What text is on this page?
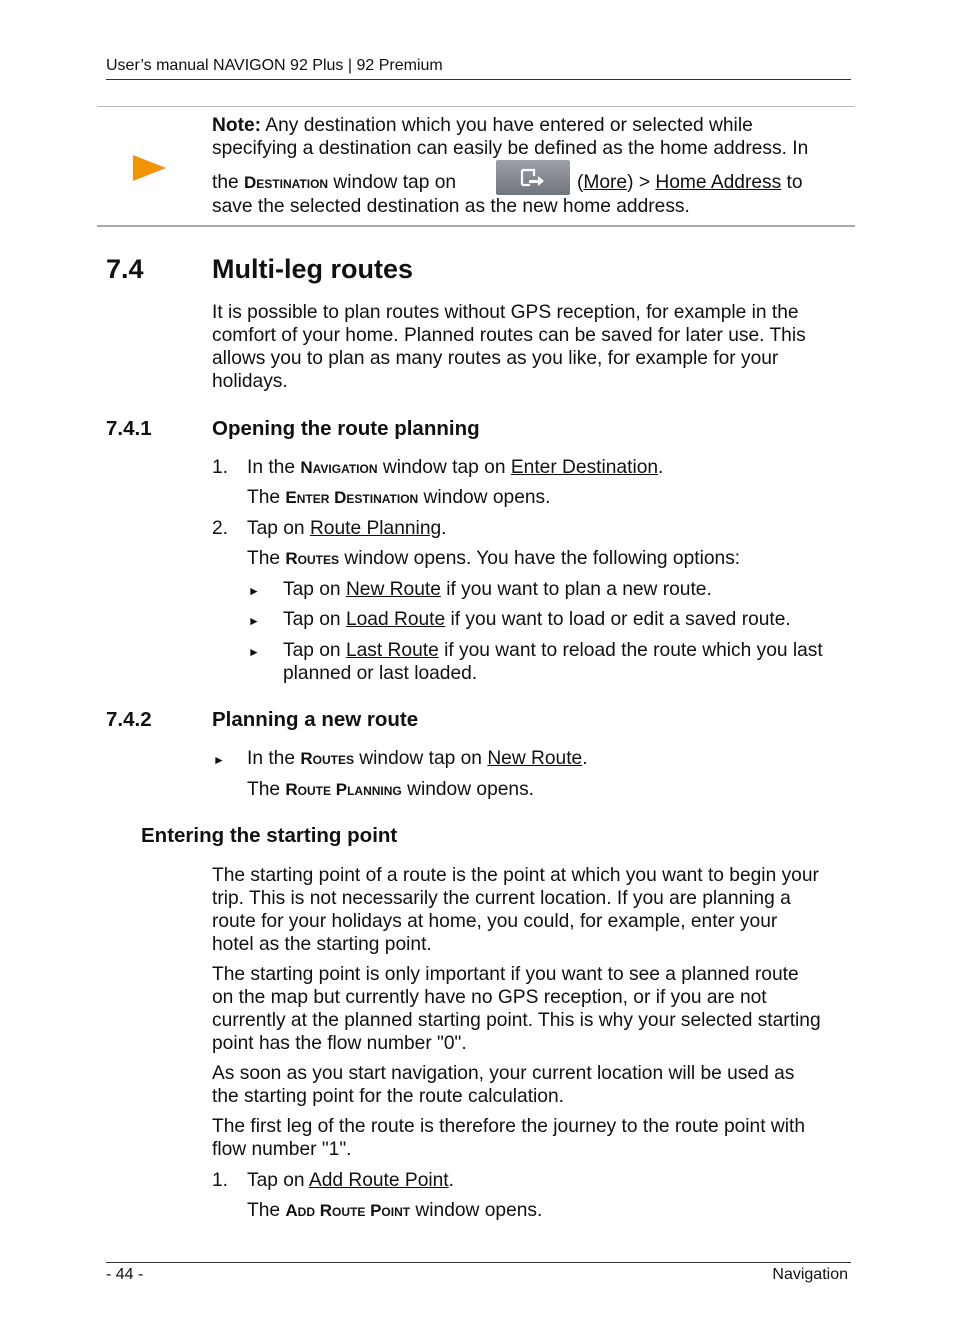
User’s manual NAVIGON 92 Plus | 92 Premium
Note: Any destination which you have entered or selected while
specifying a destination can easily be defined as the home address. In
the Destination window tap on	(More) > Home Address to
save the selected destination as the new home address.
7.4	Multi-leg routes
It is possible to plan routes without GPS reception, for example in the
comfort of your home. Planned routes can be saved for later use. This
allows you to plan as many routes as you like, for example for your
holidays.
7.4.1	Opening the route planning
1. In the Navigation window tap on Enter Destination.
The Enter Destination window opens.
2. Tap on Route Planning.
The Routes window opens. You have the following options:
► Tap on New Route if you want to plan a new route.
► Tap on Load Route if you want to load or edit a saved route.
► Tap on Last Route if you want to reload the route which you last
planned or last loaded.
7.4.2	Planning a new route
► In the Routes window tap on New Route.
The Route Planning window opens.
Entering the starting point
The starting point of a route is the point at which you want to begin your
trip. This is not necessarily the current location. If you are planning a
route for your holidays at home, you could, for example, enter your
hotel as the starting point.
The starting point is only important if you want to see a planned route
on the map but currently have no GPS reception, or if you are not
currently at the planned starting point. This is why your selected starting
point has the flow number "0".
As soon as you start navigation, your current location will be used as
the starting point for the route calculation.
The first leg of the route is therefore the journey to the route point with
flow number "1".
1. Tap on Add Route Point.
The Add Route Point window opens.
- 44 -	Navigation
